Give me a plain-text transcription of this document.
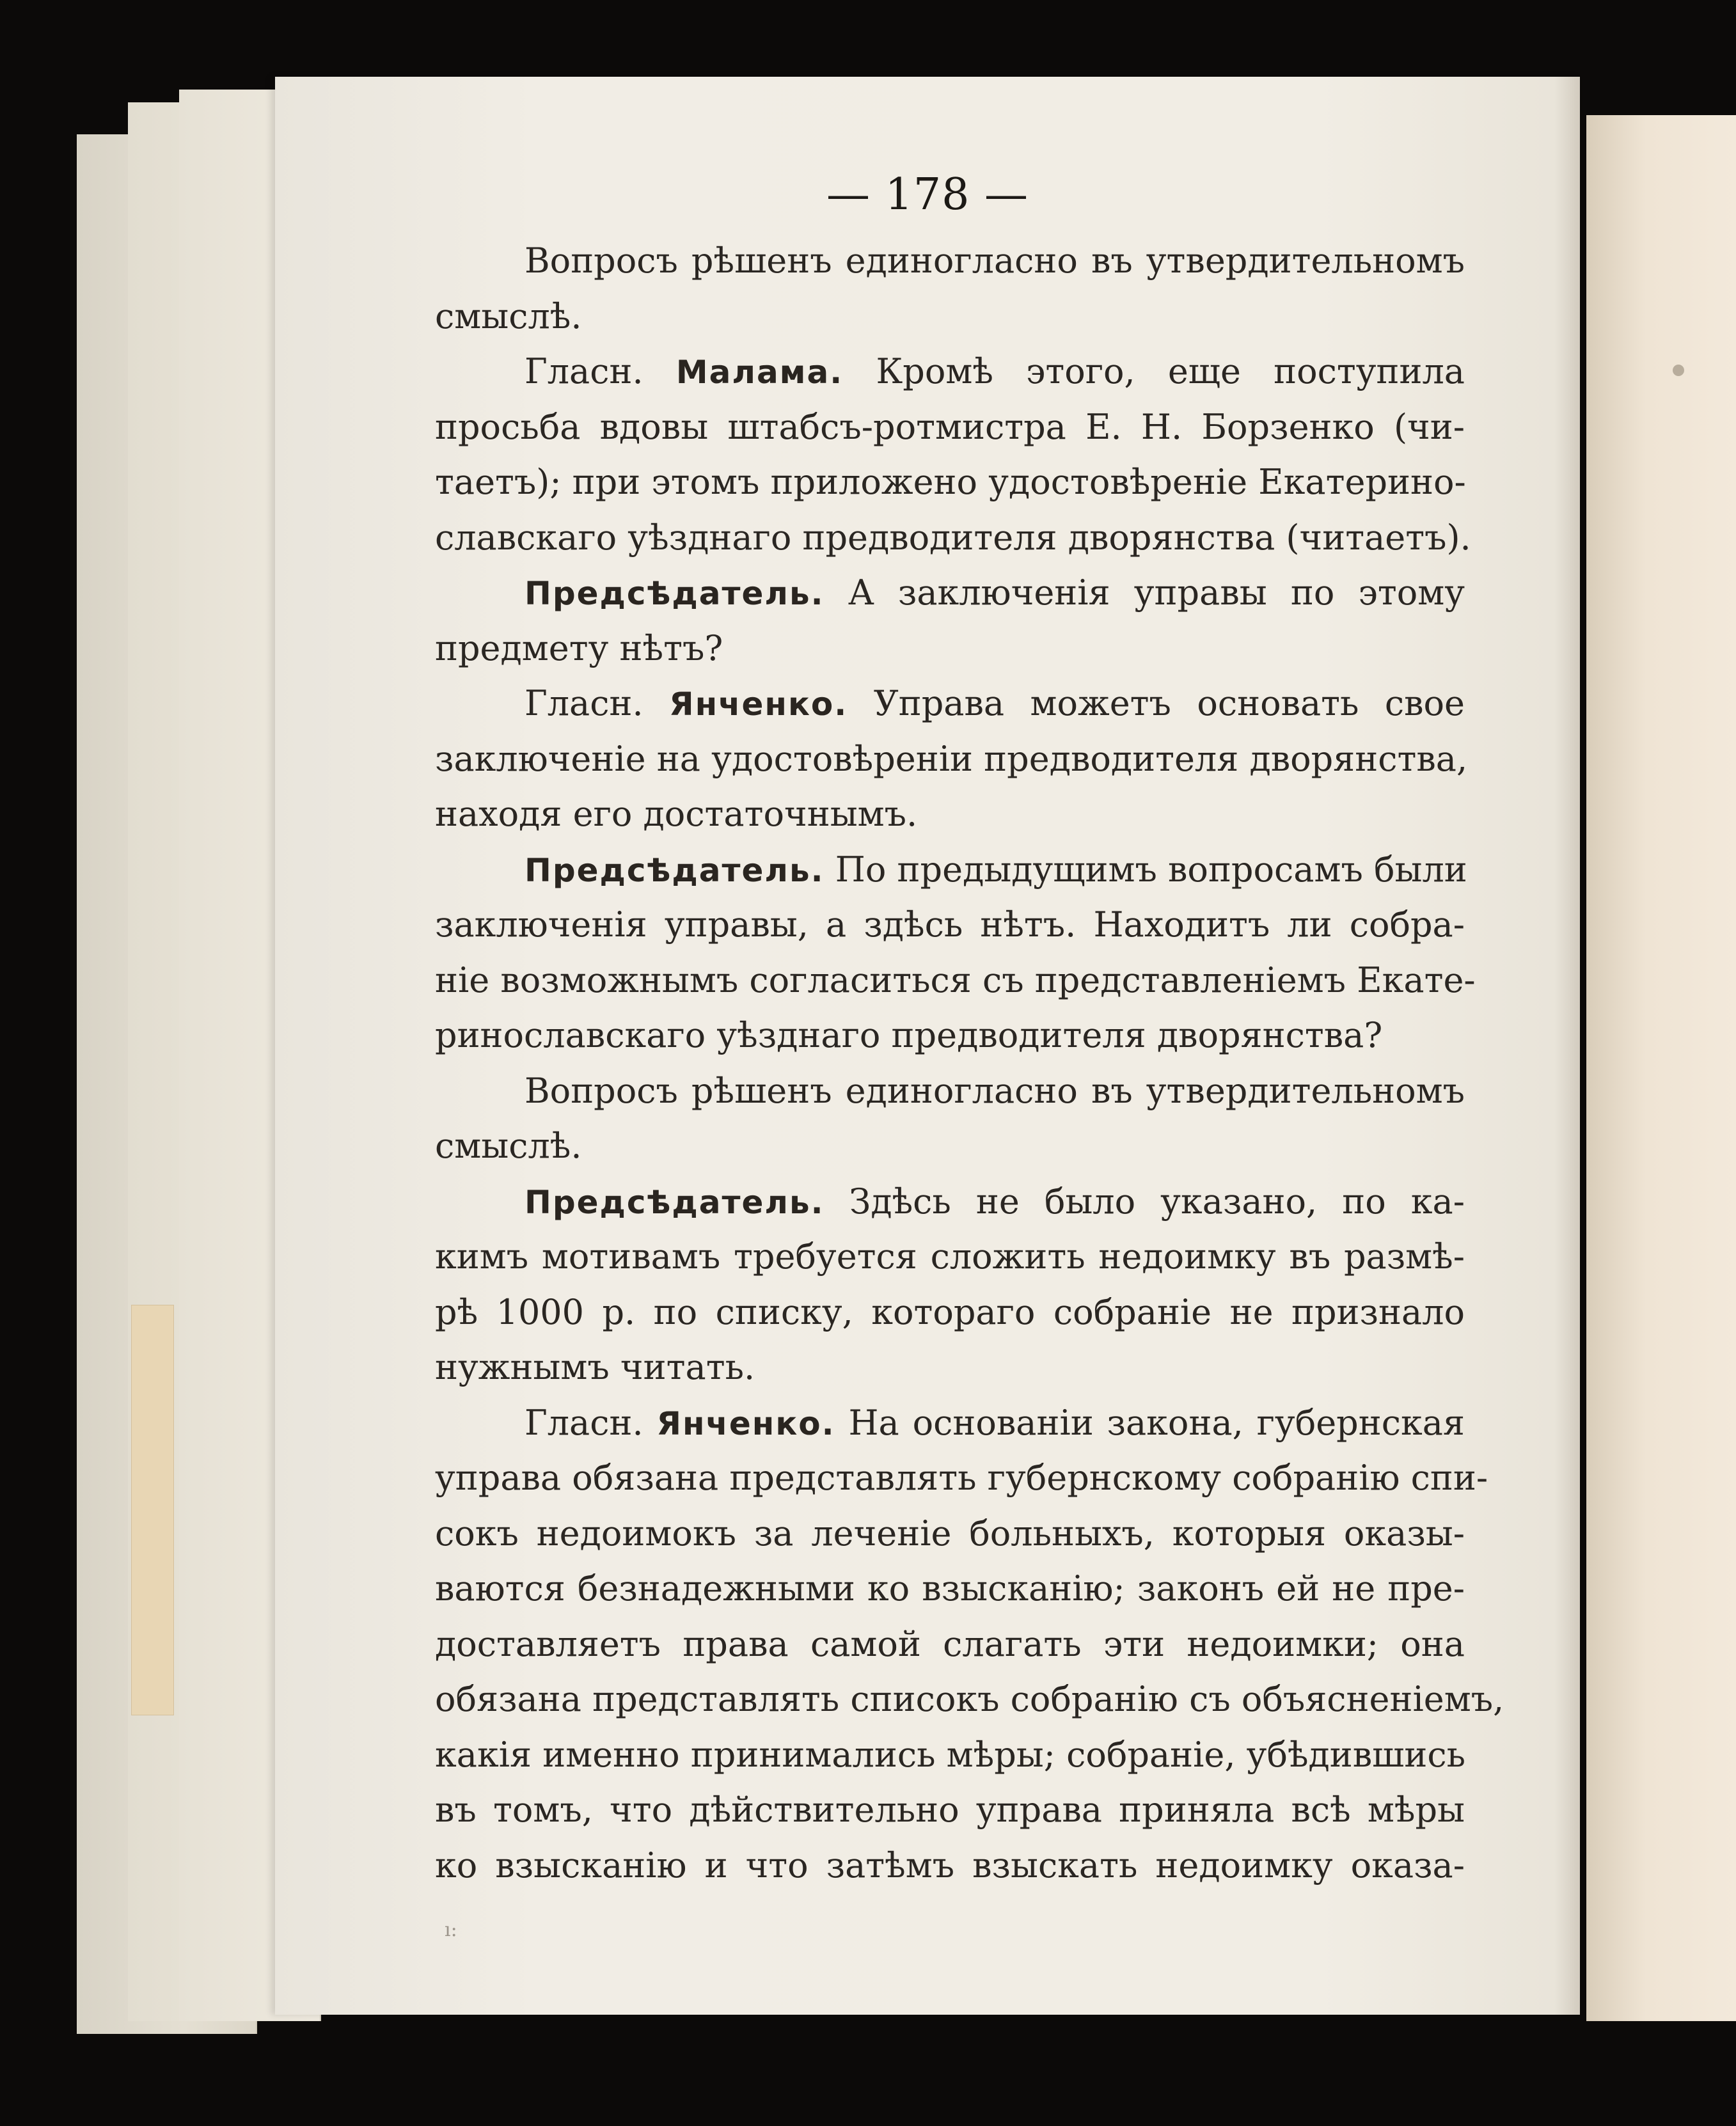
— 178 —
Вопросъ рѣшенъ единогласно въ утвердительномъ
смыслѣ.
Гласн. Малама. Кромѣ этого, еще поступила
просьба вдовы штабсъ-ротмистра Е. Н. Борзенко (чи-
таетъ); при этомъ приложено удостовѣреніе Екатерино-
славскаго уѣзднаго предводителя дворянства (читаетъ).
Предсѣдатель. А заключенія управы по этому
предмету нѣтъ?
Гласн. Янченко. Управа можетъ основать свое
заключеніе на удостовѣреніи предводителя дворянства,
находя его достаточнымъ.
Предсѣдатель. По предыдущимъ вопросамъ были
заключенія управы, а здѣсь нѣтъ. Находитъ ли собра-
ніе возможнымъ согласиться съ представленіемъ Екате-
ринославскаго уѣзднаго предводителя дворянства?
Вопросъ рѣшенъ единогласно въ утвердительномъ
смыслѣ.
Предсѣдатель. Здѣсь не было указано, по ка-
кимъ мотивамъ требуется сложить недоимку въ размѣ-
рѣ 1000 р. по списку, котораго собраніе не признало
нужнымъ читать.
Гласн. Янченко. На основаніи закона, губернская
управа обязана представлять губернскому собранію спи-
сокъ недоимокъ за леченіе больныхъ, которыя оказы-
ваются безнадежными ко взысканію; законъ ей не пре-
доставляетъ права самой слагать эти недоимки; она
обязана представлять списокъ собранію съ объясненіемъ,
какія именно принимались мѣры; собраніе, убѣдившись
въ томъ, что дѣйствительно управа приняла всѣ мѣры
ко взысканію и что затѣмъ взыскать недоимку оказа-
ı:
